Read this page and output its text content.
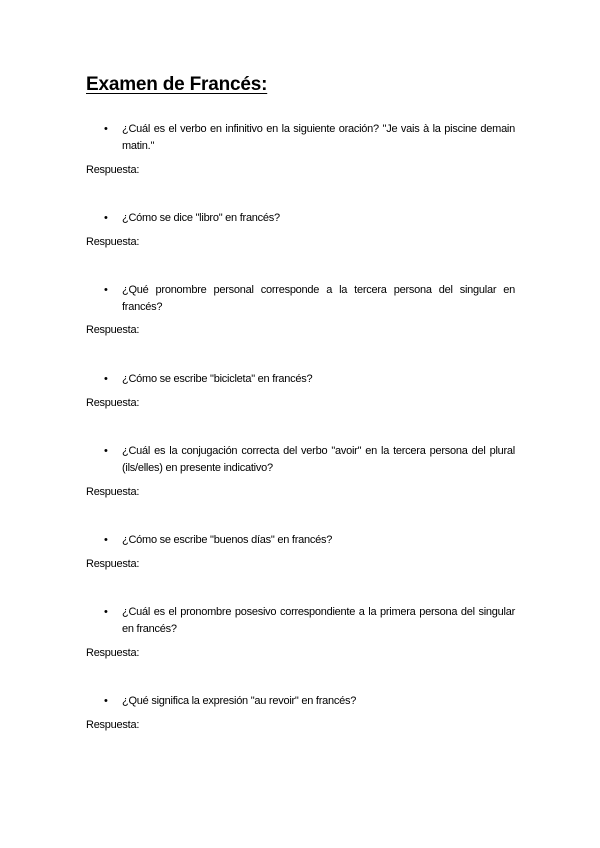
Examen de Francés:
•	¿Cuál es el verbo en infinitivo en la siguiente oración? "Je vais à la piscine demain matin."
Respuesta:
•	¿Cómo se dice "libro" en francés?
Respuesta:
•	¿Qué pronombre personal corresponde a la tercera persona del singular en francés?
Respuesta:
•	¿Cómo se escribe "bicicleta" en francés?
Respuesta:
•	¿Cuál es la conjugación correcta del verbo "avoir" en la tercera persona del plural (ils/elles) en presente indicativo?
Respuesta:
•	¿Cómo se escribe "buenos días" en francés?
Respuesta:
•	¿Cuál es el pronombre posesivo correspondiente a la primera persona del singular en francés?
Respuesta:
•	¿Qué significa la expresión "au revoir" en francés?
Respuesta:
